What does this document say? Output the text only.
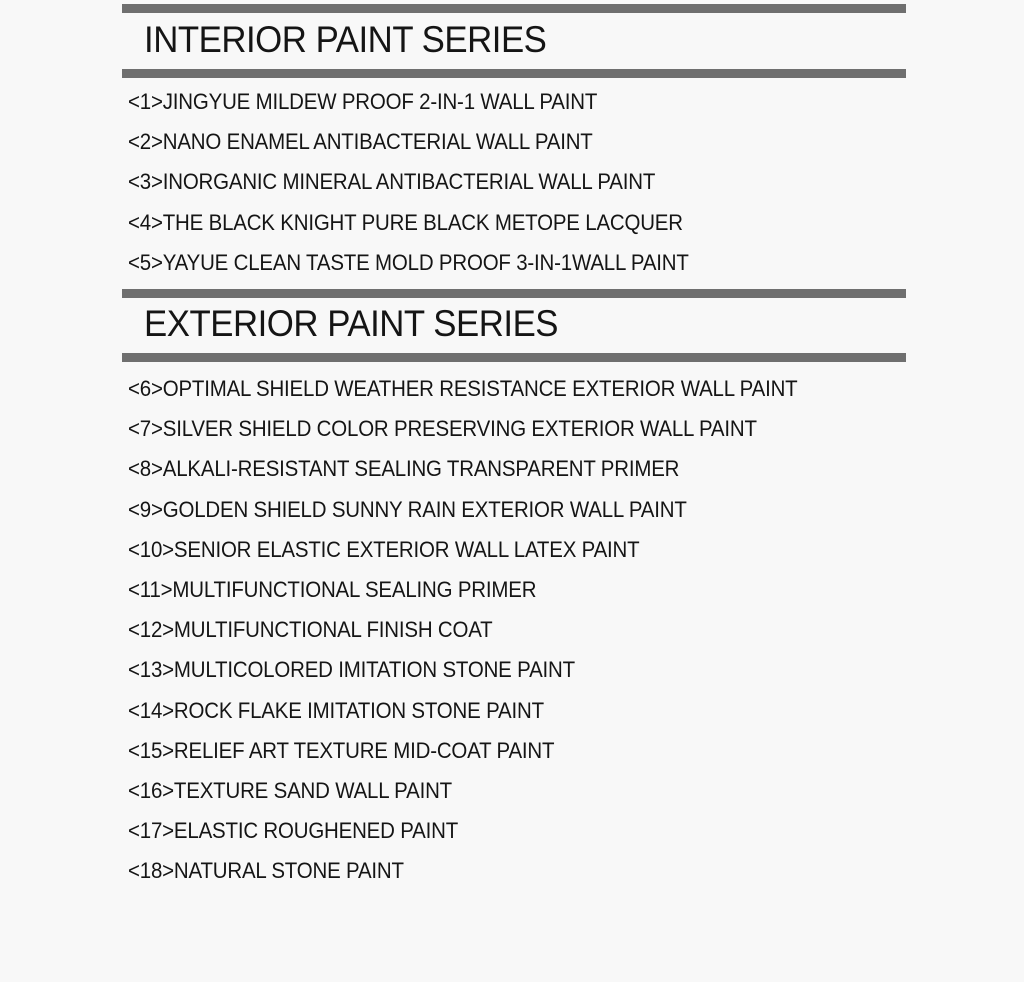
INTERIOR PAINT SERIES
< 1 > JINGYUE MILDEW PROOF 2-IN-1 WALL PAINT
< 2 > NANO ENAMEL ANTIBACTERIAL WALL PAINT
< 3 > INORGANIC MINERAL ANTIBACTERIAL WALL PAINT
< 4 > THE BLACK KNIGHT PURE BLACK METOPE LACQUER
< 5 > YAYUE CLEAN TASTE MOLD PROOF 3-IN-1WALL PAINT
EXTERIOR PAINT SERIES
< 6 > OPTIMAL SHIELD WEATHER RESISTANCE EXTERIOR WALL PAINT
< 7 > SILVER SHIELD COLOR PRESERVING EXTERIOR WALL PAINT
< 8 > ALKALI-RESISTANT SEALING TRANSPARENT PRIMER
< 9 > GOLDEN SHIELD SUNNY RAIN EXTERIOR WALL PAINT
< 10 > SENIOR ELASTIC EXTERIOR WALL LATEX PAINT
< 11 > MULTIFUNCTIONAL SEALING PRIMER
< 12 > MULTIFUNCTIONAL FINISH COAT
< 13 > MULTICOLORED IMITATION STONE PAINT
< 14 > ROCK FLAKE IMITATION STONE PAINT
< 15 > RELIEF ART TEXTURE MID-COAT PAINT
< 16 > TEXTURE SAND WALL PAINT
< 17 > ELASTIC ROUGHENED PAINT
< 18 > NATURAL STONE PAINT
